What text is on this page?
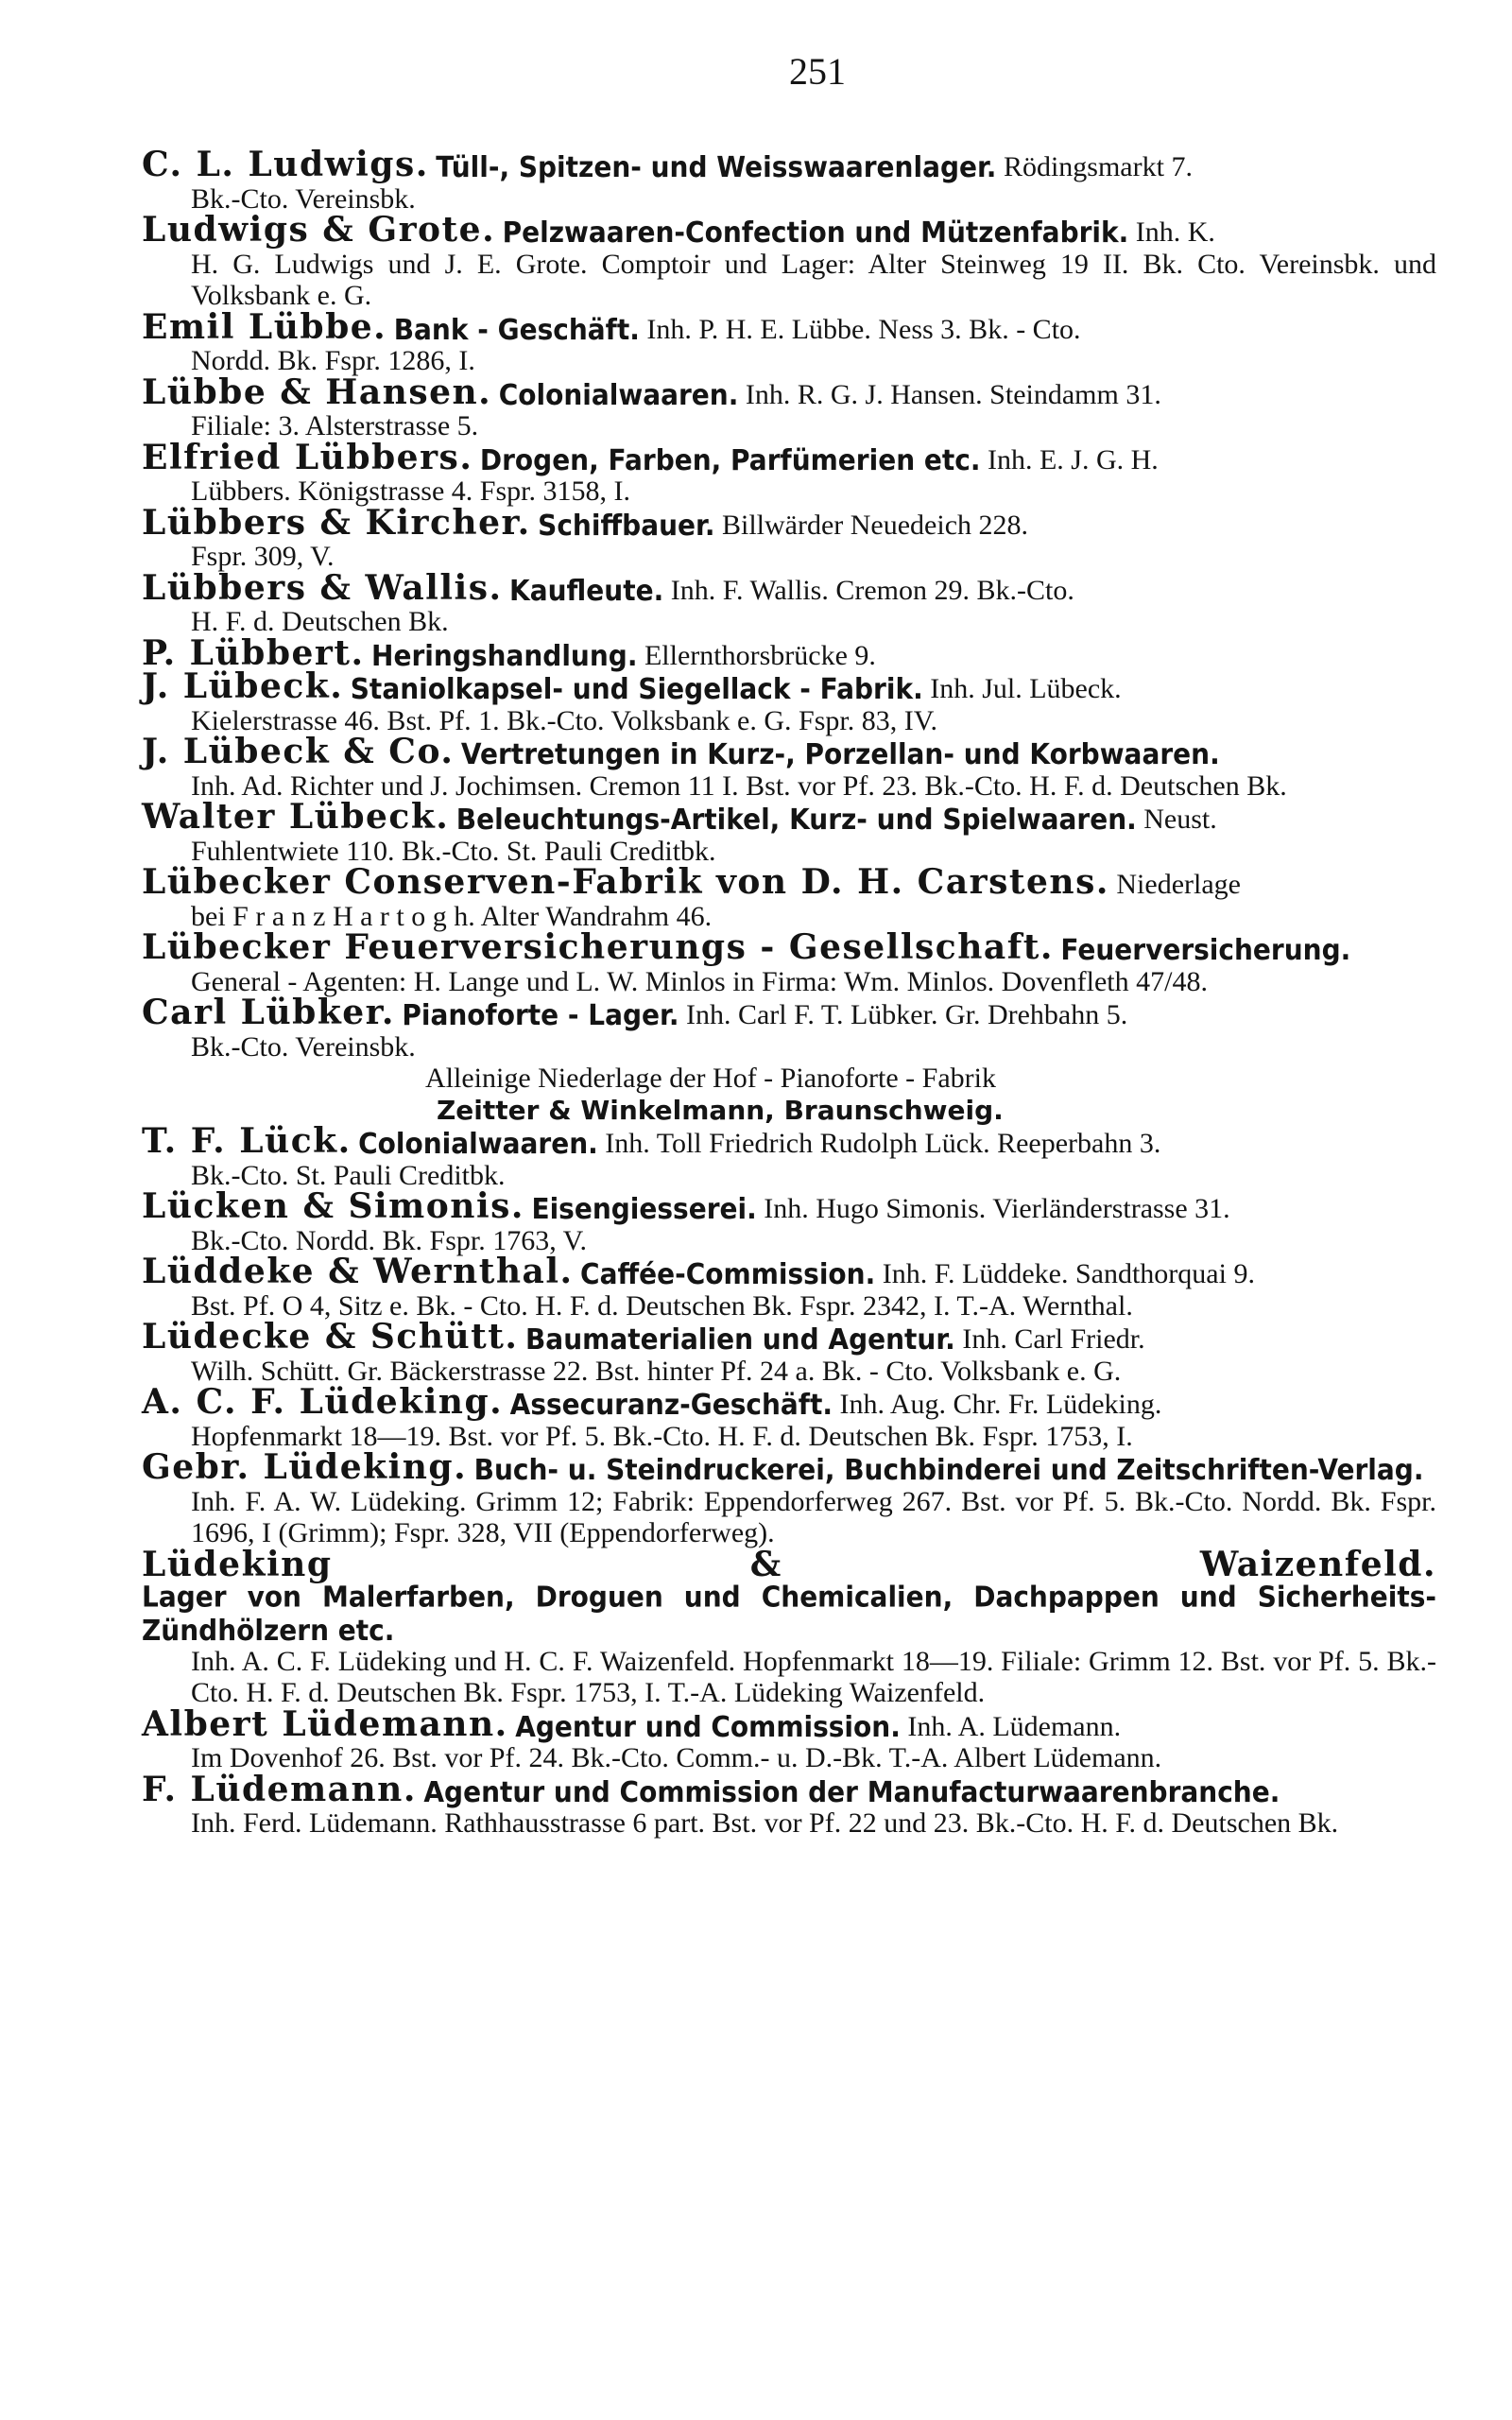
251
C. L. Ludwigs. Tüll-, Spitzen- und Weisswaarenlager. Rödingsmarkt 7.
Bk.-Cto. Vereinsbk.
Ludwigs & Grote. Pelzwaaren-Confection und Mützenfabrik. Inh. K.
H. G. Ludwigs und J. E. Grote. Comptoir und Lager: Alter Steinweg 19 II. Bk. Cto. Vereinsbk. und Volksbank e. G.
Emil Lübbe. Bank - Geschäft. Inh. P. H. E. Lübbe. Ness 3. Bk. - Cto.
Nordd. Bk. Fspr. 1286, I.
Lübbe & Hansen. Colonialwaaren. Inh. R. G. J. Hansen. Steindamm 31.
Filiale: 3. Alsterstrasse 5.
Elfried Lübbers. Drogen, Farben, Parfümerien etc. Inh. E. J. G. H.
Lübbers. Königstrasse 4. Fspr. 3158, I.
Lübbers & Kircher. Schiffbauer. Billwärder Neuedeich 228.
Fspr. 309, V.
Lübbers & Wallis. Kaufleute. Inh. F. Wallis. Cremon 29. Bk.-Cto.
H. F. d. Deutschen Bk.
P. Lübbert. Heringshandlung. Ellernthorsbrücke 9.
J. Lübeck. Staniolkapsel- und Siegellack - Fabrik. Inh. Jul. Lübeck.
Kielerstrasse 46. Bst. Pf. 1. Bk.-Cto. Volksbank e. G. Fspr. 83, IV.
J. Lübeck & Co. Vertretungen in Kurz-, Porzellan- und Korbwaaren.
Inh. Ad. Richter und J. Jochimsen. Cremon 11 I. Bst. vor Pf. 23. Bk.-Cto. H. F. d. Deutschen Bk.
Walter Lübeck. Beleuchtungs-Artikel, Kurz- und Spielwaaren. Neust.
Fuhlentwiete 110. Bk.-Cto. St. Pauli Creditbk.
Lübecker Conserven-Fabrik von D. H. Carstens. Niederlage
bei F r a n z H a r t o g h. Alter Wandrahm 46.
Lübecker Feuerversicherungs - Gesellschaft. Feuerversicherung.
General - Agenten: H. Lange und L. W. Minlos in Firma: Wm. Minlos. Dovenfleth 47/48.
Carl Lübker. Pianoforte - Lager. Inh. Carl F. T. Lübker. Gr. Drehbahn 5.
Bk.-Cto. Vereinsbk.
Alleinige Niederlage der Hof - Pianoforte - Fabrik
Zeitter & Winkelmann, Braunschweig.
T. F. Lück. Colonialwaaren. Inh. Toll Friedrich Rudolph Lück. Reeperbahn 3.
Bk.-Cto. St. Pauli Creditbk.
Lücken & Simonis. Eisengiesserei. Inh. Hugo Simonis. Vierländerstrasse 31.
Bk.-Cto. Nordd. Bk. Fspr. 1763, V.
Lüddeke & Wernthal. Caffée-Commission. Inh. F. Lüddeke. Sandthorquai 9.
Bst. Pf. O 4, Sitz e. Bk. - Cto. H. F. d. Deutschen Bk. Fspr. 2342, I. T.-A. Wernthal.
Lüdecke & Schütt. Baumaterialien und Agentur. Inh. Carl Friedr.
Wilh. Schütt. Gr. Bäckerstrasse 22. Bst. hinter Pf. 24 a. Bk. - Cto. Volksbank e. G.
A. C. F. Lüdeking. Assecuranz-Geschäft. Inh. Aug. Chr. Fr. Lüdeking.
Hopfenmarkt 18—19. Bst. vor Pf. 5. Bk.-Cto. H. F. d. Deutschen Bk. Fspr. 1753, I.
Gebr. Lüdeking. Buch- u. Steindruckerei, Buchbinderei und Zeitschriften-Verlag.
Inh. F. A. W. Lüdeking. Grimm 12; Fabrik: Eppendorferweg 267. Bst. vor Pf. 5. Bk.-Cto. Nordd. Bk. Fspr. 1696, I (Grimm); Fspr. 328, VII (Eppendorferweg).
Lüdeking & Waizenfeld. Lager von Malerfarben, Droguen und Chemicalien, Dachpappen und Sicherheits-Zündhölzern etc.
Inh. A. C. F. Lüdeking und H. C. F. Waizenfeld. Hopfenmarkt 18—19. Filiale: Grimm 12. Bst. vor Pf. 5. Bk.-Cto. H. F. d. Deutschen Bk. Fspr. 1753, I. T.-A. Lüdeking Waizenfeld.
Albert Lüdemann. Agentur und Commission. Inh. A. Lüdemann.
Im Dovenhof 26. Bst. vor Pf. 24. Bk.-Cto. Comm.- u. D.-Bk. T.-A. Albert Lüdemann.
F. Lüdemann. Agentur und Commission der Manufacturwaarenbranche.
Inh. Ferd. Lüdemann. Rathhausstrasse 6 part. Bst. vor Pf. 22 und 23. Bk.-Cto. H. F. d. Deutschen Bk.
